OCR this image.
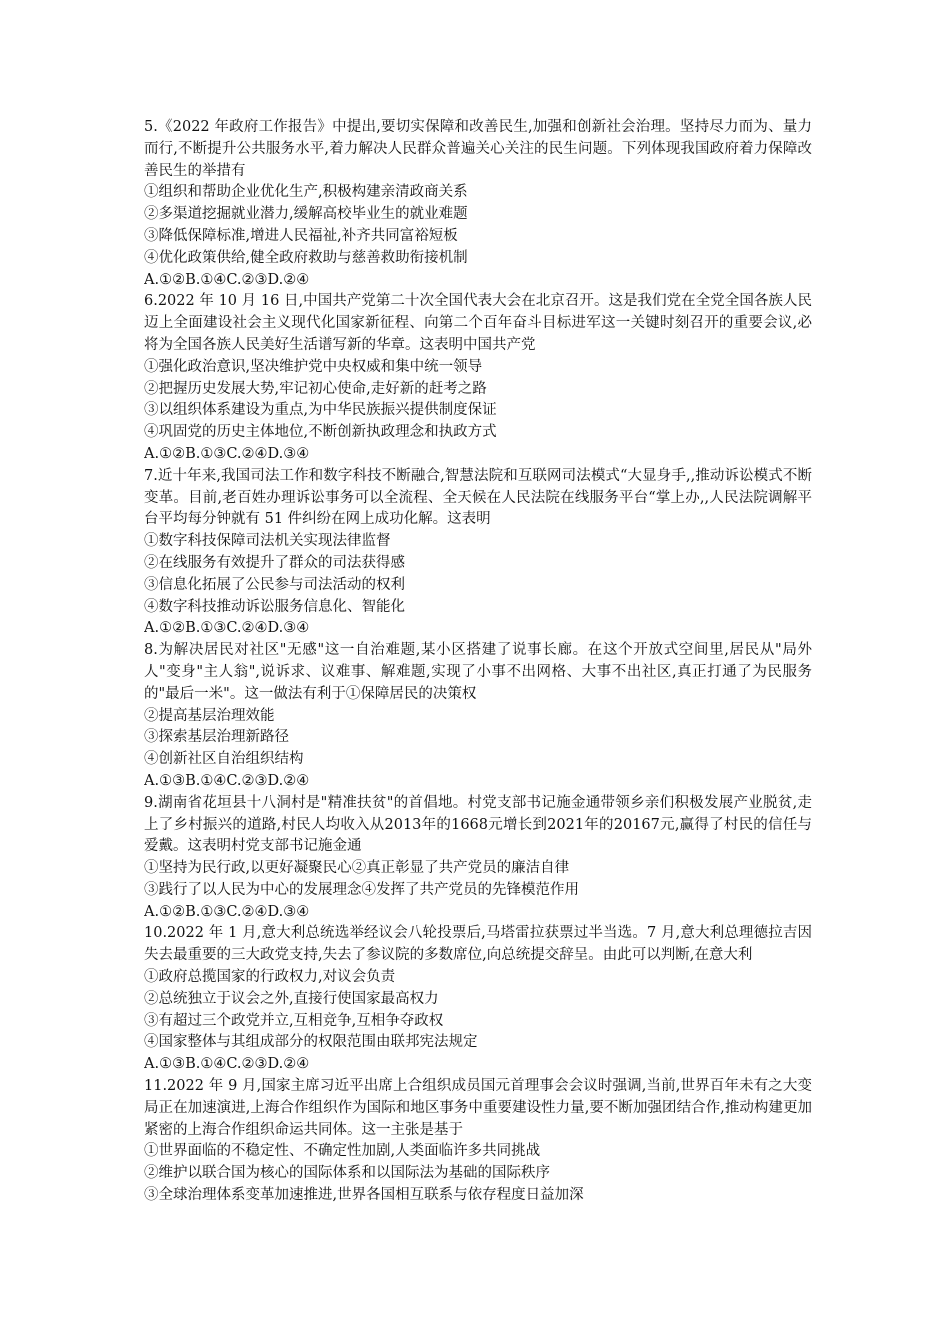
5.《2022 年政府工作报告》中提出,要切实保障和改善民生,加强和创新社会治理。坚持尽力而为、量力而行,不断提升公共服务水平,着力解决人民群众普遍关心关注的民生问题。下列体现我国政府着力保障改善民生的举措有
①组织和帮助企业优化生产,积极构建亲清政商关系
②多渠道挖掘就业潜力,缓解高校毕业生的就业难题
③降低保障标准,增进人民福祉,补齐共同富裕短板
④优化政策供给,健全政府救助与慈善救助衔接机制
A.①②B.①④C.②③D.②④
6.2022 年 10 月 16 日,中国共产党第二十次全国代表大会在北京召开。这是我们党在全党全国各族人民迈上全面建设社会主义现代化国家新征程、向第二个百年奋斗目标进军这一关键时刻召开的重要会议,必将为全国各族人民美好生活谱写新的华章。这表明中国共产党
①强化政治意识,坚决维护党中央权威和集中统一领导
②把握历史发展大势,牢记初心使命,走好新的赶考之路
③以组织体系建设为重点,为中华民族振兴提供制度保证
④巩固党的历史主体地位,不断创新执政理念和执政方式
A.①②B.①③C.②④D.③④
7.近十年来,我国司法工作和数字科技不断融合,智慧法院和互联网司法模式“大显身手,,推动诉讼模式不断变革。目前,老百姓办理诉讼事务可以全流程、全天候在人民法院在线服务平台“掌上办,,人民法院调解平台平均每分钟就有 51 件纠纷在网上成功化解。这表明
①数字科技保障司法机关实现法律监督
②在线服务有效提升了群众的司法获得感
③信息化拓展了公民参与司法活动的权利
④数字科技推动诉讼服务信息化、智能化
A.①②B.①③C.②④D.③④
8.为解决居民对社区"无感"这一自治难题,某小区搭建了说事长廊。在这个开放式空间里,居民从"局外人"变身"主人翁",说诉求、议难事、解难题,实现了小事不出网格、大事不出社区,真正打通了为民服务的"最后一米"。这一做法有利于①保障居民的决策权
②提高基层治理效能
③探索基层治理新路径
④创新社区自治组织结构
A.①③B.①④C.②③D.②④
9.湖南省花垣县十八洞村是"精准扶贫"的首倡地。村党支部书记施金通带领乡亲们积极发展产业脱贫,走上了乡村振兴的道路,村民人均收入从2013年的1668元增长到2021年的20167元,赢得了村民的信任与爱戴。这表明村党支部书记施金通
①坚持为民行政,以更好凝聚民心②真正彰显了共产党员的廉洁自律
③践行了以人民为中心的发展理念④发挥了共产党员的先锋模范作用
A.①②B.①③C.②④D.③④
10.2022 年 1 月,意大利总统选举经议会八轮投票后,马塔雷拉获票过半当选。7 月,意大利总理德拉吉因失去最重要的三大政党支持,失去了参议院的多数席位,向总统提交辞呈。由此可以判断,在意大利
①政府总揽国家的行政权力,对议会负责
②总统独立于议会之外,直接行使国家最高权力
③有超过三个政党并立,互相竞争,互相争夺政权
④国家整体与其组成部分的权限范围由联邦宪法规定
A.①③B.①④C.②③D.②④
11.2022 年 9 月,国家主席习近平出席上合组织成员国元首理事会会议时强调,当前,世界百年未有之大变局正在加速演进,上海合作组织作为国际和地区事务中重要建设性力量,要不断加强团结合作,推动构建更加紧密的上海合作组织命运共同体。这一主张是基于
①世界面临的不稳定性、不确定性加剧,人类面临许多共同挑战
②维护以联合国为核心的国际体系和以国际法为基础的国际秩序
③全球治理体系变革加速推进,世界各国相互联系与依存程度日益加深
